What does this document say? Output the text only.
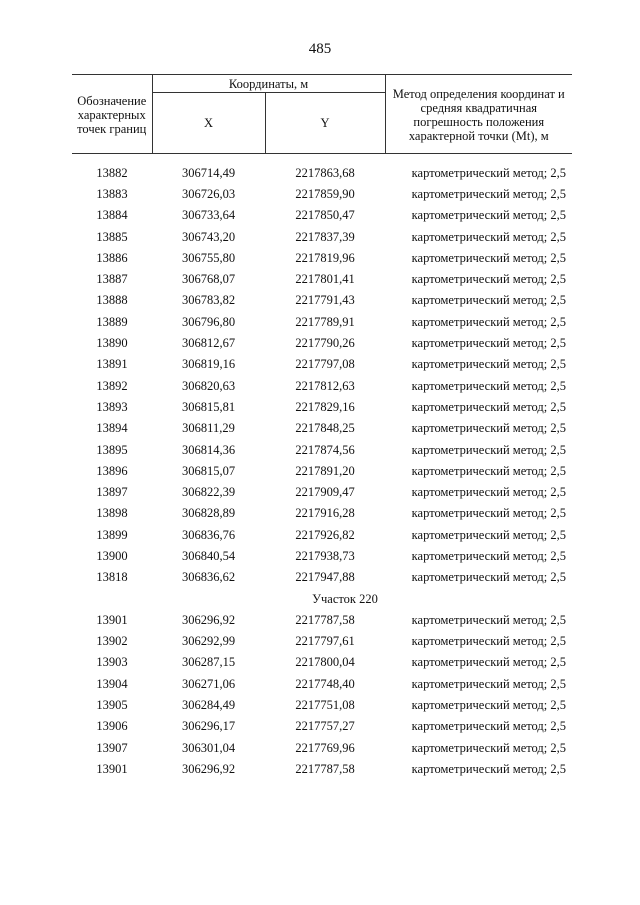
485
Обозначение характерных точек границ	Координаты, м		Метод определения координат и средняя квадратичная погрешность положения характерной точки (Mt), м
	X	Y	
13882	306714,49	2217863,68	картометрический метод; 2,5
13883	306726,03	2217859,90	картометрический метод; 2,5
13884	306733,64	2217850,47	картометрический метод; 2,5
13885	306743,20	2217837,39	картометрический метод; 2,5
13886	306755,80	2217819,96	картометрический метод; 2,5
13887	306768,07	2217801,41	картометрический метод; 2,5
13888	306783,82	2217791,43	картометрический метод; 2,5
13889	306796,80	2217789,91	картометрический метод; 2,5
13890	306812,67	2217790,26	картометрический метод; 2,5
13891	306819,16	2217797,08	картометрический метод; 2,5
13892	306820,63	2217812,63	картометрический метод; 2,5
13893	306815,81	2217829,16	картометрический метод; 2,5
13894	306811,29	2217848,25	картометрический метод; 2,5
13895	306814,36	2217874,56	картометрический метод; 2,5
13896	306815,07	2217891,20	картометрический метод; 2,5
13897	306822,39	2217909,47	картометрический метод; 2,5
13898	306828,89	2217916,28	картометрический метод; 2,5
13899	306836,76	2217926,82	картометрический метод; 2,5
13900	306840,54	2217938,73	картометрический метод; 2,5
13818	306836,62	2217947,88	картометрический метод; 2,5
Участок 220			
13901	306296,92	2217787,58	картометрический метод; 2,5
13902	306292,99	2217797,61	картометрический метод; 2,5
13903	306287,15	2217800,04	картометрический метод; 2,5
13904	306271,06	2217748,40	картометрический метод; 2,5
13905	306284,49	2217751,08	картометрический метод; 2,5
13906	306296,17	2217757,27	картометрический метод; 2,5
13907	306301,04	2217769,96	картометрический метод; 2,5
13901	306296,92	2217787,58	картометрический метод; 2,5
